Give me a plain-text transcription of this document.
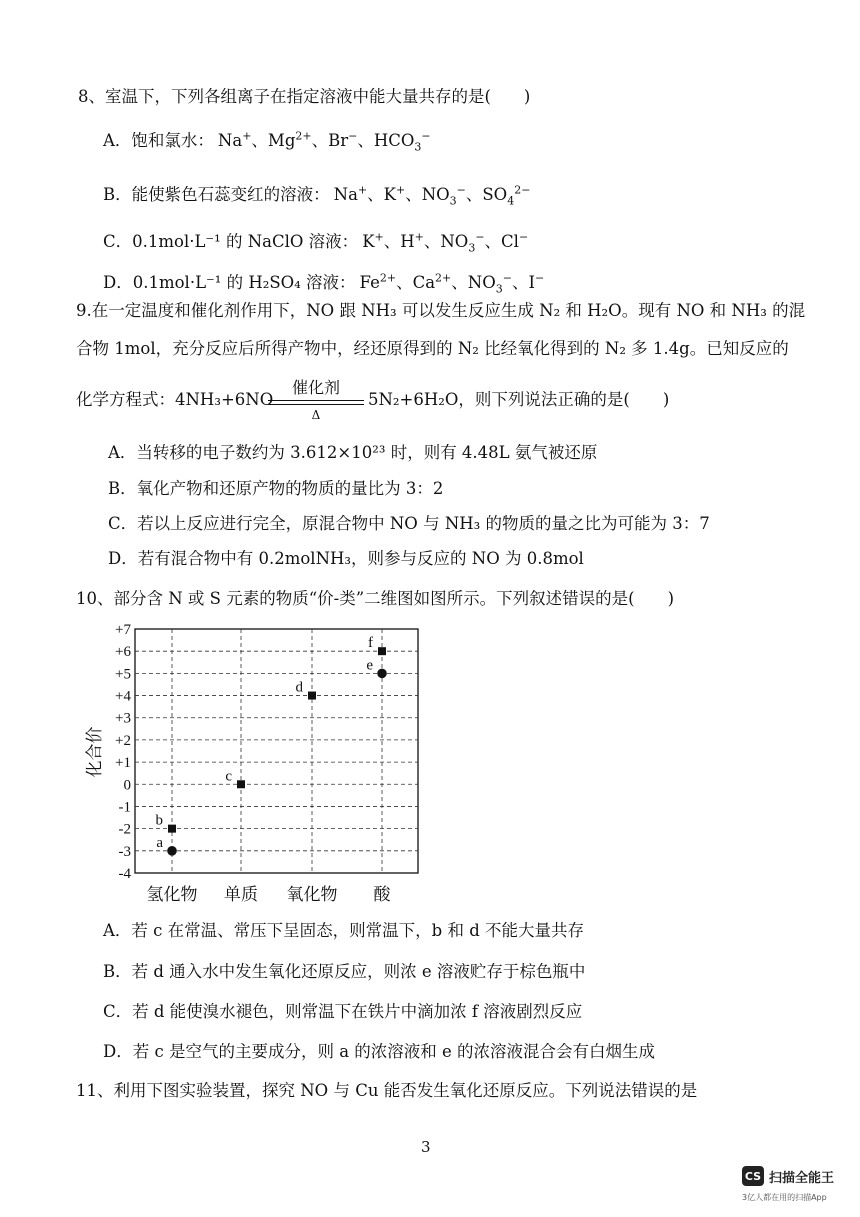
8、室温下，下列各组离子在指定溶液中能大量共存的是(　　)
A．饱和氯水： Na+、$Mg^{2+}$、Br−、$HCO_3^-$
B．能使紫色石蕊变红的溶液： Na+、K+、$NO_3^-$、$SO_4^{2-}$
C．0.1mol·L⁻¹ 的 NaClO 溶液： K+、H+、$NO_3^-$、Cl−
D．0.1mol·L⁻¹ 的 H₂SO₄ 溶液： $Fe^{2+}$、$Ca^{2+}$、$NO_3^-$、I−
9.在一定温度和催化剂作用下，NO 跟 NH₃ 可以发生反应生成 N₂ 和 H₂O。现有 NO 和 NH₃ 的混
合物 1mol，充分反应后所得产物中，经还原得到的 N₂ 比经氧化得到的 N₂ 多 1.4g。已知反应的
化学方程式：4NH₃+6NO
催化剂
Δ
5N₂+6H₂O，则下列说法正确的是(　　)
A．当转移的电子数约为 3.612×10²³ 时，则有 4.48L 氨气被还原
B．氧化产物和还原产物的物质的量比为 3：2
C．若以上反应进行完全，原混合物中 NO 与 NH₃ 的物质的量之比为可能为 3：7
D．若有混合物中有 0.2molNH₃，则参与反应的 NO 为 0.8mol
10、部分含 N 或 S 元素的物质“价-类”二维图如图所示。下列叙述错误的是(　　)
+7
+6
+5
+4
+3
+2
+1
0
-1
-2
-3
-4
氢化物 单质 氧化物 酸
化合价
a
b
c
d
e
f
A．若 c 在常温、常压下呈固态，则常温下，b 和 d 不能大量共存
B．若 d 通入水中发生氧化还原反应，则浓 e 溶液贮存于棕色瓶中
C．若 d 能使溴水褪色，则常温下在铁片中滴加浓 f 溶液剧烈反应
D．若 c 是空气的主要成分，则 a 的浓溶液和 e 的浓溶液混合会有白烟生成
11、利用下图实验装置，探究 NO 与 Cu 能否发生氧化还原反应。下列说法错误的是
3
CS 扫描全能王
3亿人都在用的扫描App
